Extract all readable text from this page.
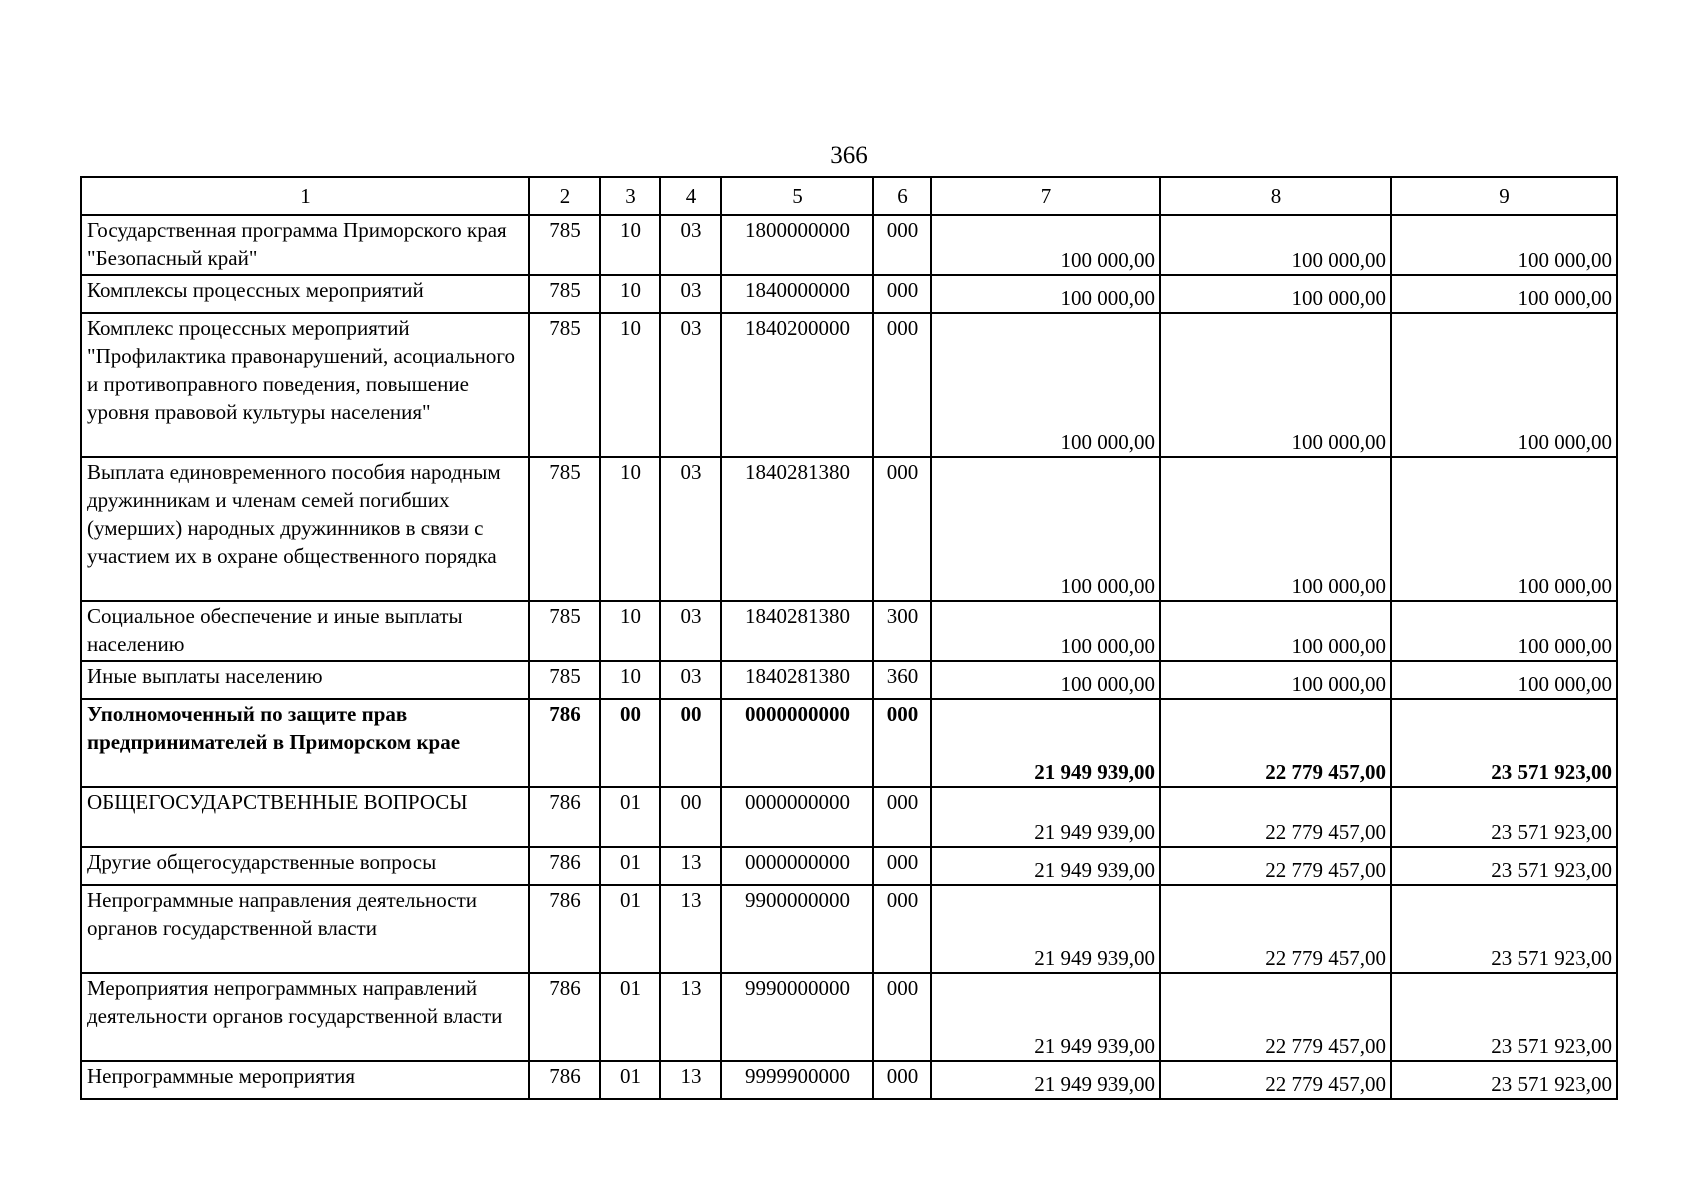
366
1	2	3	4	5	6	7	8	9
Государственная программа Приморского края "Безопасный край"	785	10	03	1800000000	000	100 000,00	100 000,00	100 000,00
Комплексы процессных мероприятий	785	10	03	1840000000	000	100 000,00	100 000,00	100 000,00
Комплекс процессных мероприятий "Профилактика правонарушений, асоциального и противоправного поведения, повышение уровня правовой культуры населения"	785	10	03	1840200000	000	100 000,00	100 000,00	100 000,00
Выплата единовременного пособия народным дружинникам и членам семей погибших (умерших) народных дружинников в связи с участием их в охране общественного порядка	785	10	03	1840281380	000	100 000,00	100 000,00	100 000,00
Социальное обеспечение и иные выплаты населению	785	10	03	1840281380	300	100 000,00	100 000,00	100 000,00
Иные выплаты населению	785	10	03	1840281380	360	100 000,00	100 000,00	100 000,00
Уполномоченный по защите прав предпринимателей в Приморском крае	786	00	00	0000000000	000	21 949 939,00	22 779 457,00	23 571 923,00
ОБЩЕГОСУДАРСТВЕННЫЕ ВОПРОСЫ	786	01	00	0000000000	000	21 949 939,00	22 779 457,00	23 571 923,00
Другие общегосударственные вопросы	786	01	13	0000000000	000	21 949 939,00	22 779 457,00	23 571 923,00
Непрограммные направления деятельности органов государственной власти	786	01	13	9900000000	000	21 949 939,00	22 779 457,00	23 571 923,00
Мероприятия непрограммных направлений деятельности органов государственной власти	786	01	13	9990000000	000	21 949 939,00	22 779 457,00	23 571 923,00
Непрограммные мероприятия	786	01	13	9999900000	000	21 949 939,00	22 779 457,00	23 571 923,00
